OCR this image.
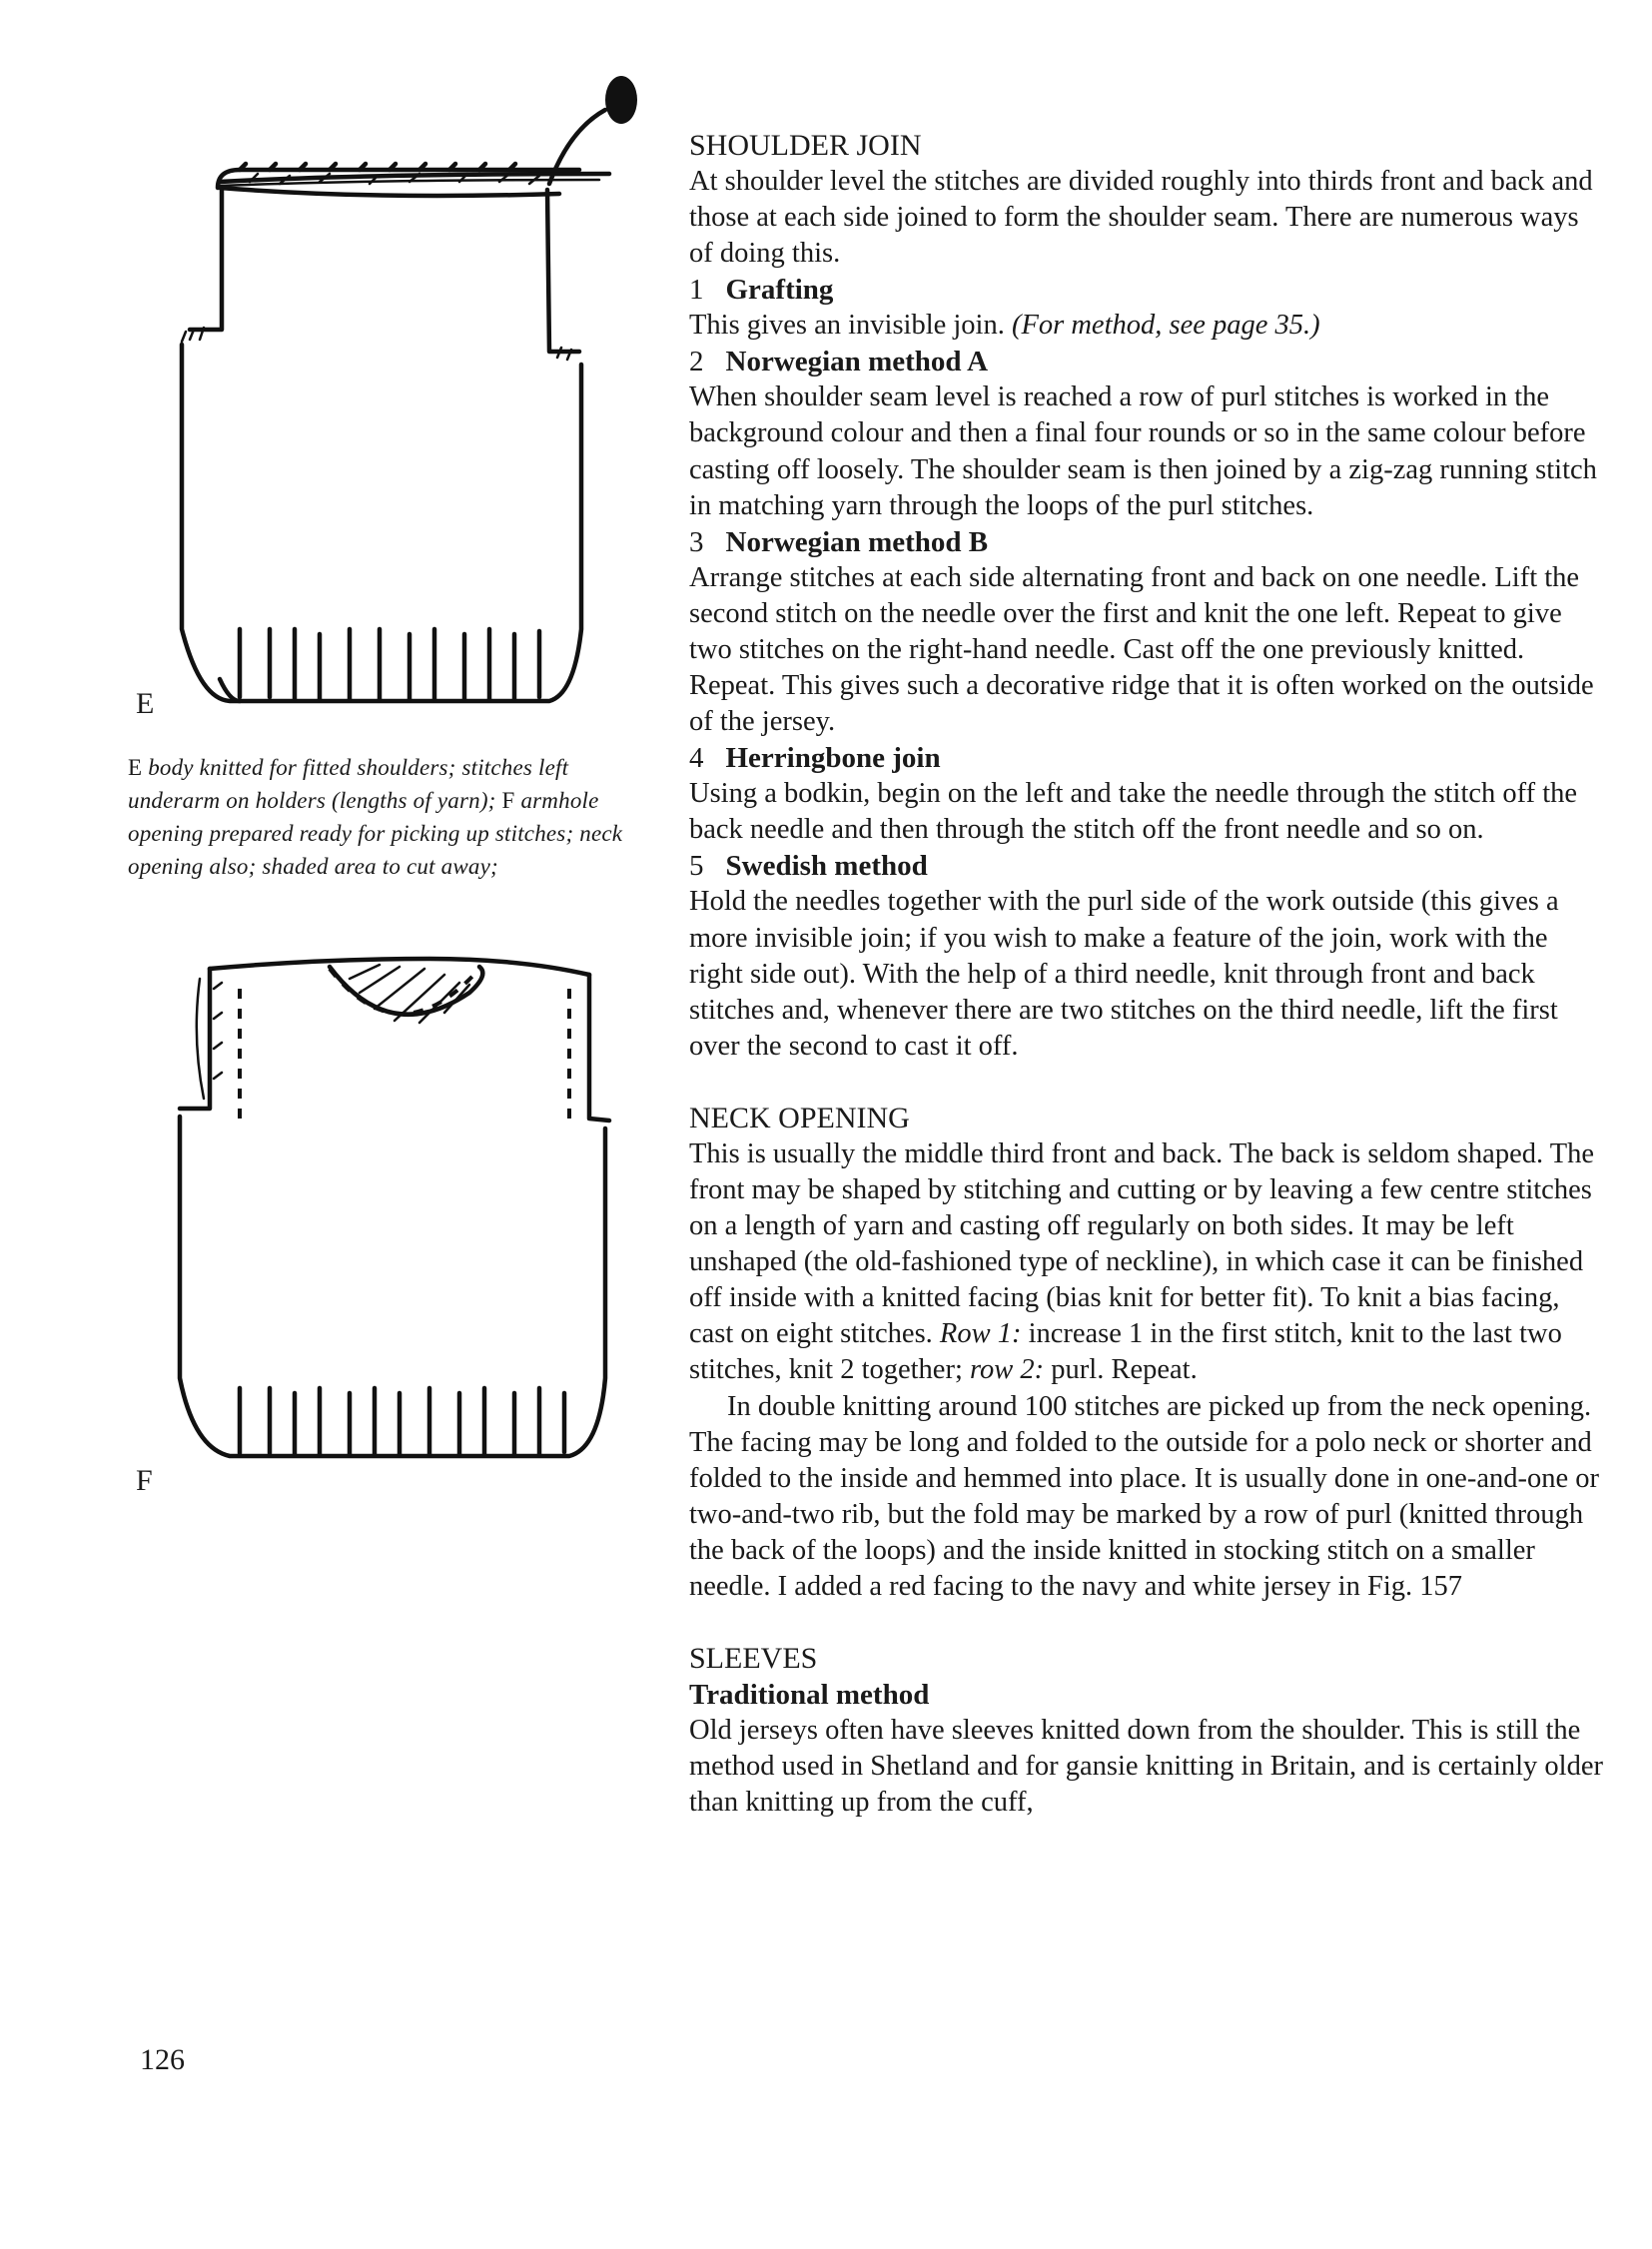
E
E body knitted for fitted shoulders; stitches left underarm on holders (lengths of yarn); F armhole opening prepared ready for picking up stitches; neck opening also; shaded area to cut away;
F
SHOULDER JOIN

At shoulder level the stitches are divided roughly into thirds front and back and those at each side joined to form the shoulder seam. There are numerous ways of doing this.

1 Grafting

This gives an invisible join. (For method, see page 35.)

2 Norwegian method A

When shoulder seam level is reached a row of purl stitches is worked in the background colour and then a final four rounds or so in the same colour before casting off loosely. The shoulder seam is then joined by a zig-zag running stitch in matching yarn through the loops of the purl stitches.

3 Norwegian method B

Arrange stitches at each side alternating front and back on one needle. Lift the second stitch on the needle over the first and knit the one left. Repeat to give two stitches on the right-hand needle. Cast off the one previously knitted. Repeat. This gives such a decorative ridge that it is often worked on the outside of the jersey.

4 Herringbone join

Using a bodkin, begin on the left and take the needle through the stitch off the back needle and then through the stitch off the front needle and so on.

5 Swedish method

Hold the needles together with the purl side of the work outside (this gives a more invisible join; if you wish to make a feature of the join, work with the right side out). With the help of a third needle, knit through front and back stitches and, whenever there are two stitches on the third needle, lift the first over the second to cast it off.

NECK OPENING

This is usually the middle third front and back. The back is seldom shaped. The front may be shaped by stitching and cutting or by leaving a few centre stitches on a length of yarn and casting off regularly on both sides. It may be left unshaped (the old-fashioned type of neckline), in which case it can be finished off inside with a knitted facing (bias knit for better fit). To knit a bias facing, cast on eight stitches. Row 1: increase 1 in the first stitch, knit to the last two stitches, knit 2 together; row 2: purl. Repeat.

In double knitting around 100 stitches are picked up from the neck opening. The facing may be long and folded to the outside for a polo neck or shorter and folded to the inside and hemmed into place. It is usually done in one-and-one or two-and-two rib, but the fold may be marked by a row of purl (knitted through the back of the loops) and the inside knitted in stocking stitch on a smaller needle. I added a red facing to the navy and white jersey in Fig. 157

SLEEVES
Traditional method

Old jerseys often have sleeves knitted down from the shoulder. This is still the method used in Shetland and for gansie knitting in Britain, and is certainly older than knitting up from the cuff,

126
